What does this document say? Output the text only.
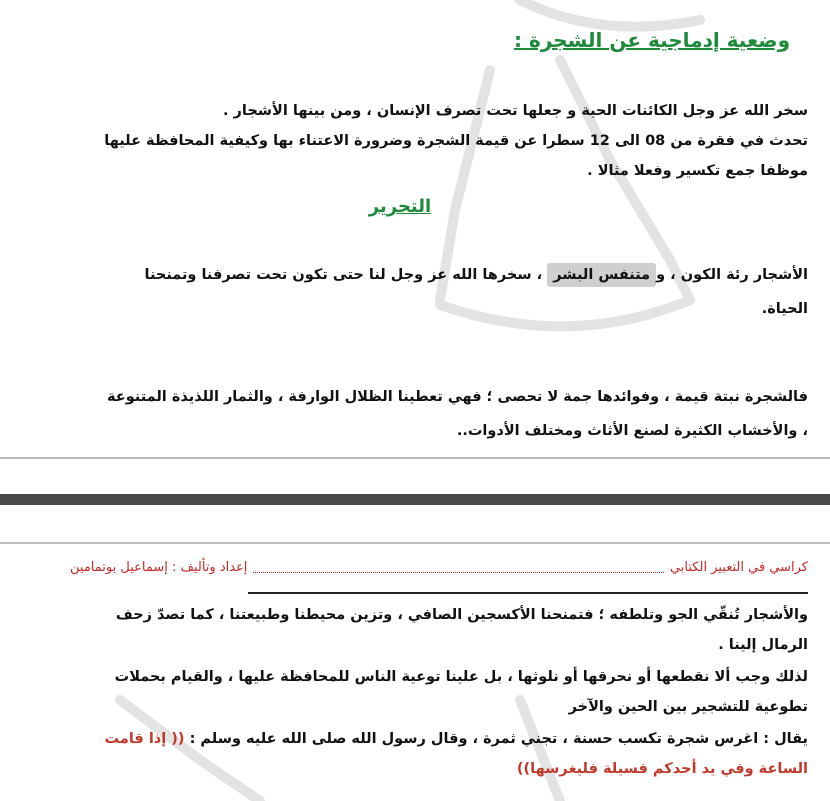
وضعية إدماجية عن الشجرة :

سخر الله عز وجل الكائنات الحية و جعلها تحت تصرف الإنسان ، ومن بينها الأشجار .

تحدث في فقرة من 08 الى 12 سطرا عن قيمة الشجرة وضرورة الاعتناء بها وكيفية المحافظة عليها

موظفا جمع تكسير وفعلا مثالا .

التحرير

الأشجار رئة الكون ، ومتنفس البشر ، سخرها الله عز وجل لنا حتى تكون تحت تصرفنا وتمنحنا

الحياة.

فالشجرة نبتة قيمة ، وفوائدها جمة لا تحصى ؛ فهي تعطينا الظلال الوارفة ، والثمار اللذيذة المتنوعة

، والأخشاب الكثيرة لصنع الأثاث ومختلف الأدوات..

كراسي في التعبير الكتابي
إعداد وتأليف : إسماعيل بوتمامين

والأشجار تُنقّي الجو وتلطفه ؛ فتمنحنا الأكسجين الصافي ، وتزين محيطنا وطبيعتنا ، كما تصدّ زحف

الرمال إلينا .

لذلك وجب ألا نقطعها أو نحرقها أو نلوثها ، بل علينا توعية الناس للمحافظة عليها ، والقيام بحملات

تطوعية للتشجير بين الحين والآخر

يقال : اغرس شجرة تكسب حسنة ، تجني ثمرة ، وقال رسول الله صلى الله عليه وسلم : (( إذا قامت

الساعة وفي يد أحدكم فسيلة فليغرسها))
